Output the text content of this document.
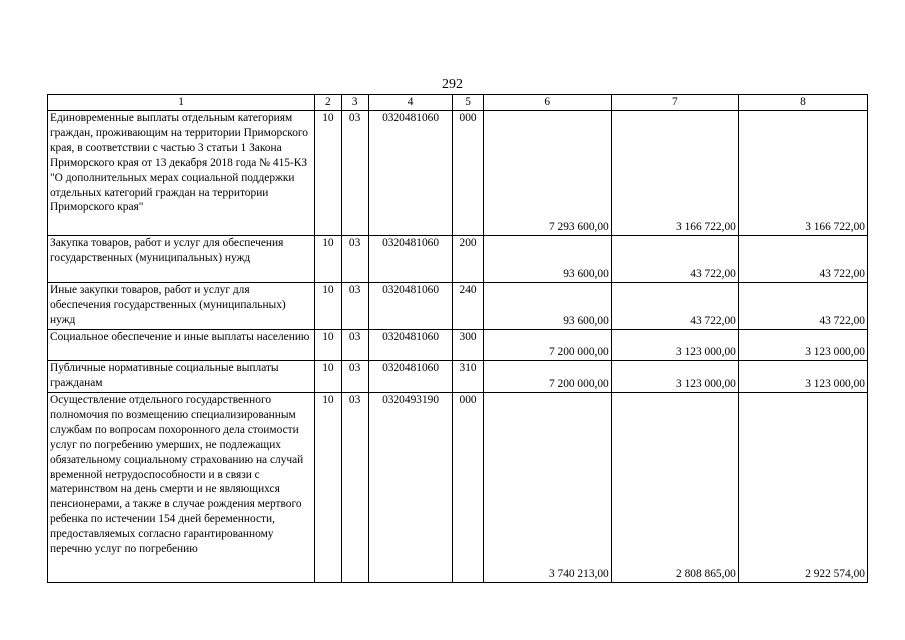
292
1	2	3	4	5	6	7	8
Единовременные выплаты отдельным категориям граждан, проживающим на территории Приморского края, в соответствии с частью 3 статьи 1 Закона Приморского края от 13 декабря 2018 года № 415-КЗ "О дополнительных мерах социальной поддержки отдельных категорий граждан на территории Приморского края"	10	03	0320481060	000	7 293 600,00	3 166 722,00	3 166 722,00
Закупка товаров, работ и услуг для обеспечения государственных (муниципальных) нужд	10	03	0320481060	200	93 600,00	43 722,00	43 722,00
Иные закупки товаров, работ и услуг для обеспечения государственных (муниципальных) нужд	10	03	0320481060	240	93 600,00	43 722,00	43 722,00
Социальное обеспечение и иные выплаты населению	10	03	0320481060	300	7 200 000,00	3 123 000,00	3 123 000,00
Публичные нормативные социальные выплаты гражданам	10	03	0320481060	310	7 200 000,00	3 123 000,00	3 123 000,00
Осуществление отдельного государственного полномочия по возмещению специализированным службам по вопросам похоронного дела стоимости услуг по погребению умерших, не подлежащих обязательному социальному страхованию на случай временной нетрудоспособности и в связи с материнством на день смерти и не являющихся пенсионерами, а также в случае рождения мертвого ребенка по истечении 154 дней беременности, предоставляемых согласно гарантированному перечню услуг по погребению	10	03	0320493190	000	3 740 213,00	2 808 865,00	2 922 574,00
